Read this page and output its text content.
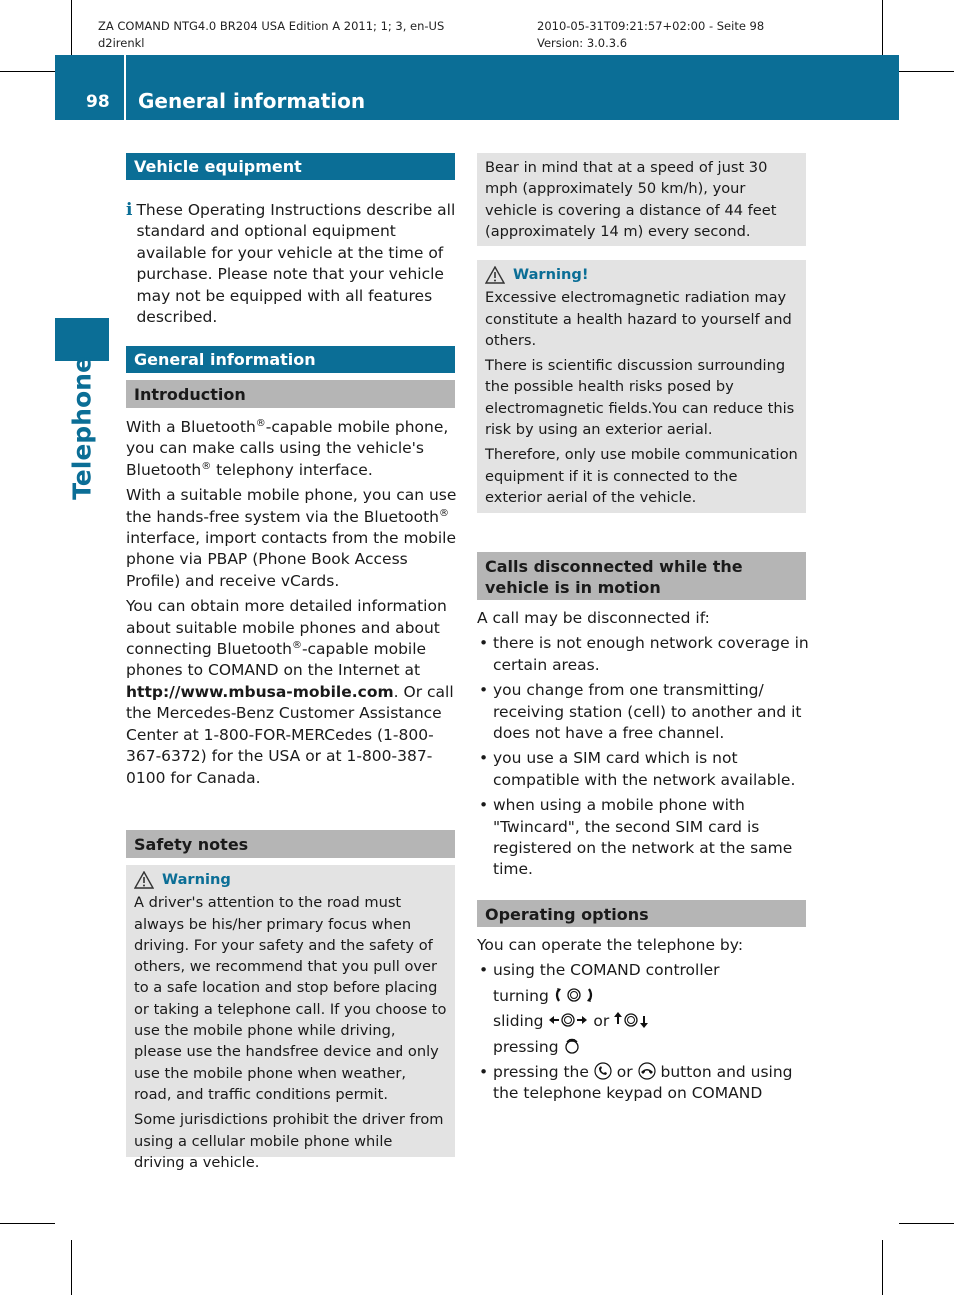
ZA COMAND NTG4.0 BR204 USA Edition A 2011; 1; 3, en-US
d2irenkl
2010-05-31T09:21:57+02:00 - Seite 98
Version: 3.0.3.6
98 General information
Telephone
Vehicle equipment
i These Operating Instructions describe all standard and optional equipment available for your vehicle at the time of purchase. Please note that your vehicle may not be equipped with all features described.
General information
Introduction

With a Bluetooth®-capable mobile phone, you can make calls using the vehicle's Bluetooth® telephony interface.

With a suitable mobile phone, you can use the hands-free system via the Bluetooth® interface, import contacts from the mobile phone via PBAP (Phone Book Access Profile) and receive vCards.

You can obtain more detailed information about suitable mobile phones and about connecting Bluetooth®-capable mobile phones to COMAND on the Internet at http://www.mbusa-mobile.com. Or call the Mercedes-Benz Customer Assistance Center at 1-800-FOR-MERCedes (1-800-367-6372) for the USA or at 1-800-387-0100 for Canada.

Safety notes
Warning

A driver's attention to the road must always be his/her primary focus when driving. For your safety and the safety of others, we recommend that you pull over to a safe location and stop before placing or taking a telephone call. If you choose to use the mobile phone while driving, please use the handsfree device and only use the mobile phone when weather, road, and traffic conditions permit.

Some jurisdictions prohibit the driver from using a cellular mobile phone while driving a vehicle.

Bear in mind that at a speed of just 30 mph (approximately 50 km/h), your vehicle is covering a distance of 44 feet (approximately 14 m) every second.

Warning!

Excessive electromagnetic radiation may constitute a health hazard to yourself and others.

There is scientific discussion surrounding the possible health risks posed by electromagnetic fields.You can reduce this risk by using an exterior aerial.

Therefore, only use mobile communication equipment if it is connected to the exterior aerial of the vehicle.

Calls disconnected while the vehicle is in motion

A call may be disconnected if:

• there is not enough network coverage in certain areas.
• you change from one transmitting/ receiving station (cell) to another and it does not have a free channel.
• you use a SIM card which is not compatible with the network available.
• when using a mobile phone with "Twincard", the second SIM card is registered on the network at the same time.
Operating options

You can operate the telephone by:

• using the COMAND controller
turning
sliding	or
pressing
• pressing the or button and using the telephone keypad on COMAND
